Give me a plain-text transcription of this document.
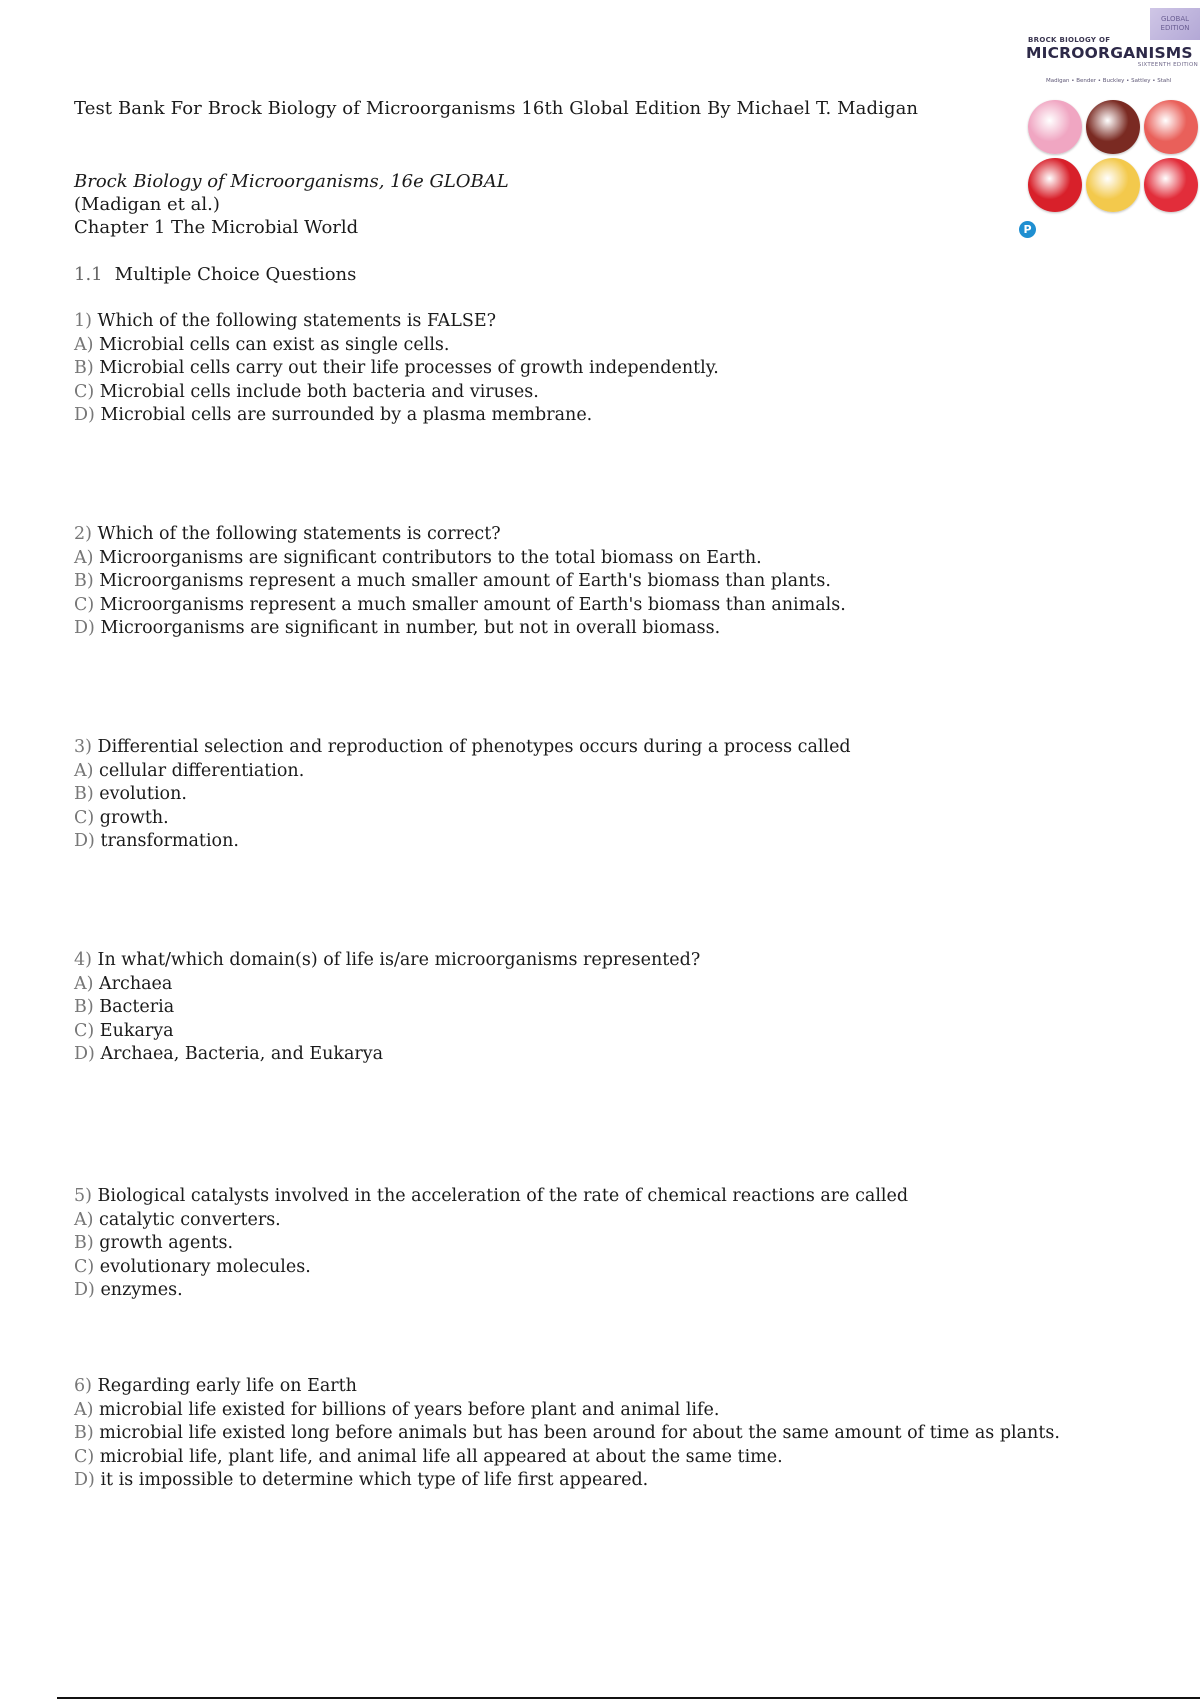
Test Bank For Brock Biology of Microorganisms 16th Global Edition By Michael T. Madigan
Brock Biology of Microorganisms, 16e GLOBAL
(Madigan et al.)
Chapter 1 The Microbial World
1.1 Multiple Choice Questions
1) Which of the following statements is FALSE?
A) Microbial cells can exist as single cells.
B) Microbial cells carry out their life processes of growth independently.
C) Microbial cells include both bacteria and viruses.
D) Microbial cells are surrounded by a plasma membrane.
2) Which of the following statements is correct?
A) Microorganisms are significant contributors to the total biomass on Earth.
B) Microorganisms represent a much smaller amount of Earth's biomass than plants.
C) Microorganisms represent a much smaller amount of Earth's biomass than animals.
D) Microorganisms are significant in number, but not in overall biomass.
3) Differential selection and reproduction of phenotypes occurs during a process called
A) cellular differentiation.
B) evolution.
C) growth.
D) transformation.
4) In what/which domain(s) of life is/are microorganisms represented?
A) Archaea
B) Bacteria
C) Eukarya
D) Archaea, Bacteria, and Eukarya
5) Biological catalysts involved in the acceleration of the rate of chemical reactions are called
A) catalytic converters.
B) growth agents.
C) evolutionary molecules.
D) enzymes.
6) Regarding early life on Earth
A) microbial life existed for billions of years before plant and animal life.
B) microbial life existed long before animals but has been around for about the same amount of time as plants.
C) microbial life, plant life, and animal life all appeared at about the same time.
D) it is impossible to determine which type of life first appeared.
GLOBAL EDITION
BROCK BIOLOGY OF
MICROORGANISMS
SIXTEENTH EDITION
Madigan • Bender • Buckley • Sattley • Stahl
P
